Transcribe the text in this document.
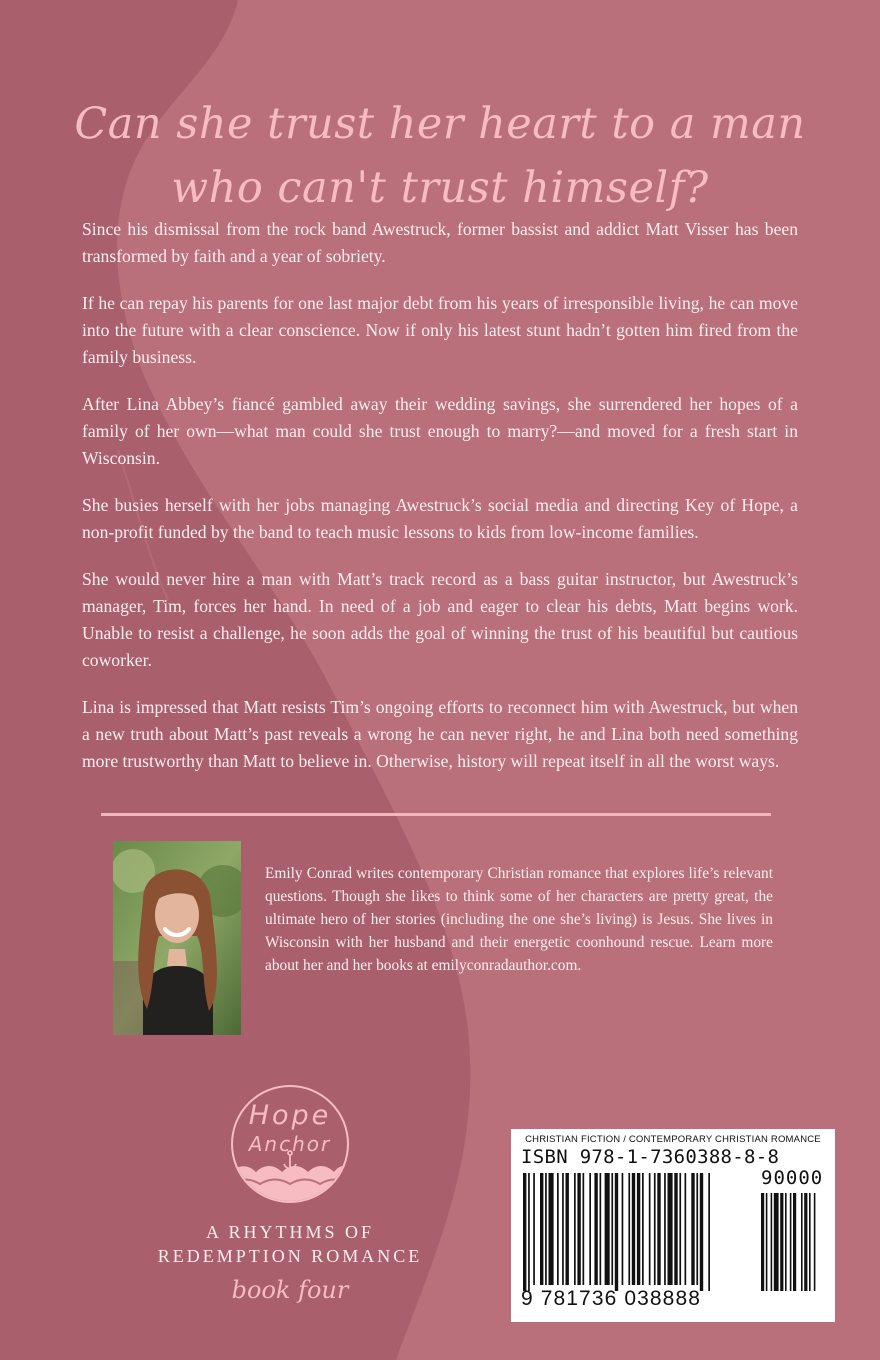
Can she trust her heart to a man
who can't trust himself?

Since his dismissal from the rock band Awestruck, former bassist and addict Matt Visser has been transformed by faith and a year of sobriety.

If he can repay his parents for one last major debt from his years of irresponsible living, he can move into the future with a clear conscience. Now if only his latest stunt hadn’t gotten him fired from the family business.

After Lina Abbey’s fiancé gambled away their wedding savings, she surrendered her hopes of a family of her own—what man could she trust enough to marry?—and moved for a fresh start in Wisconsin.

She busies herself with her jobs managing Awestruck’s social media and directing Key of Hope, a non-profit funded by the band to teach music lessons to kids from low-income families.

She would never hire a man with Matt’s track record as a bass guitar instructor, but Awestruck’s manager, Tim, forces her hand. In need of a job and eager to clear his debts, Matt begins work. Unable to resist a challenge, he soon adds the goal of winning the trust of his beautiful but cautious coworker.

Lina is impressed that Matt resists Tim’s ongoing efforts to reconnect him with Awestruck, but when a new truth about Matt’s past reveals a wrong he can never right, he and Lina both need something more trustworthy than Matt to believe in. Otherwise, history will repeat itself in all the worst ways.

Emily Conrad writes contemporary Christian romance that explores life’s relevant questions. Though she likes to think some of her characters are pretty great, the ultimate hero of her stories (including the one she’s living) is Jesus. She lives in Wisconsin with her husband and their energetic coonhound rescue. Learn more about her and her books at emilyconradauthor.com.
Hope
Anchor
A RHYTHMS OF
REDEMPTION ROMANCE
book four
CHRISTIAN FICTION / CONTEMPORARY CHRISTIAN ROMANCE
ISBN 978-1-7360388-8-8
90000
9 781736 038888
